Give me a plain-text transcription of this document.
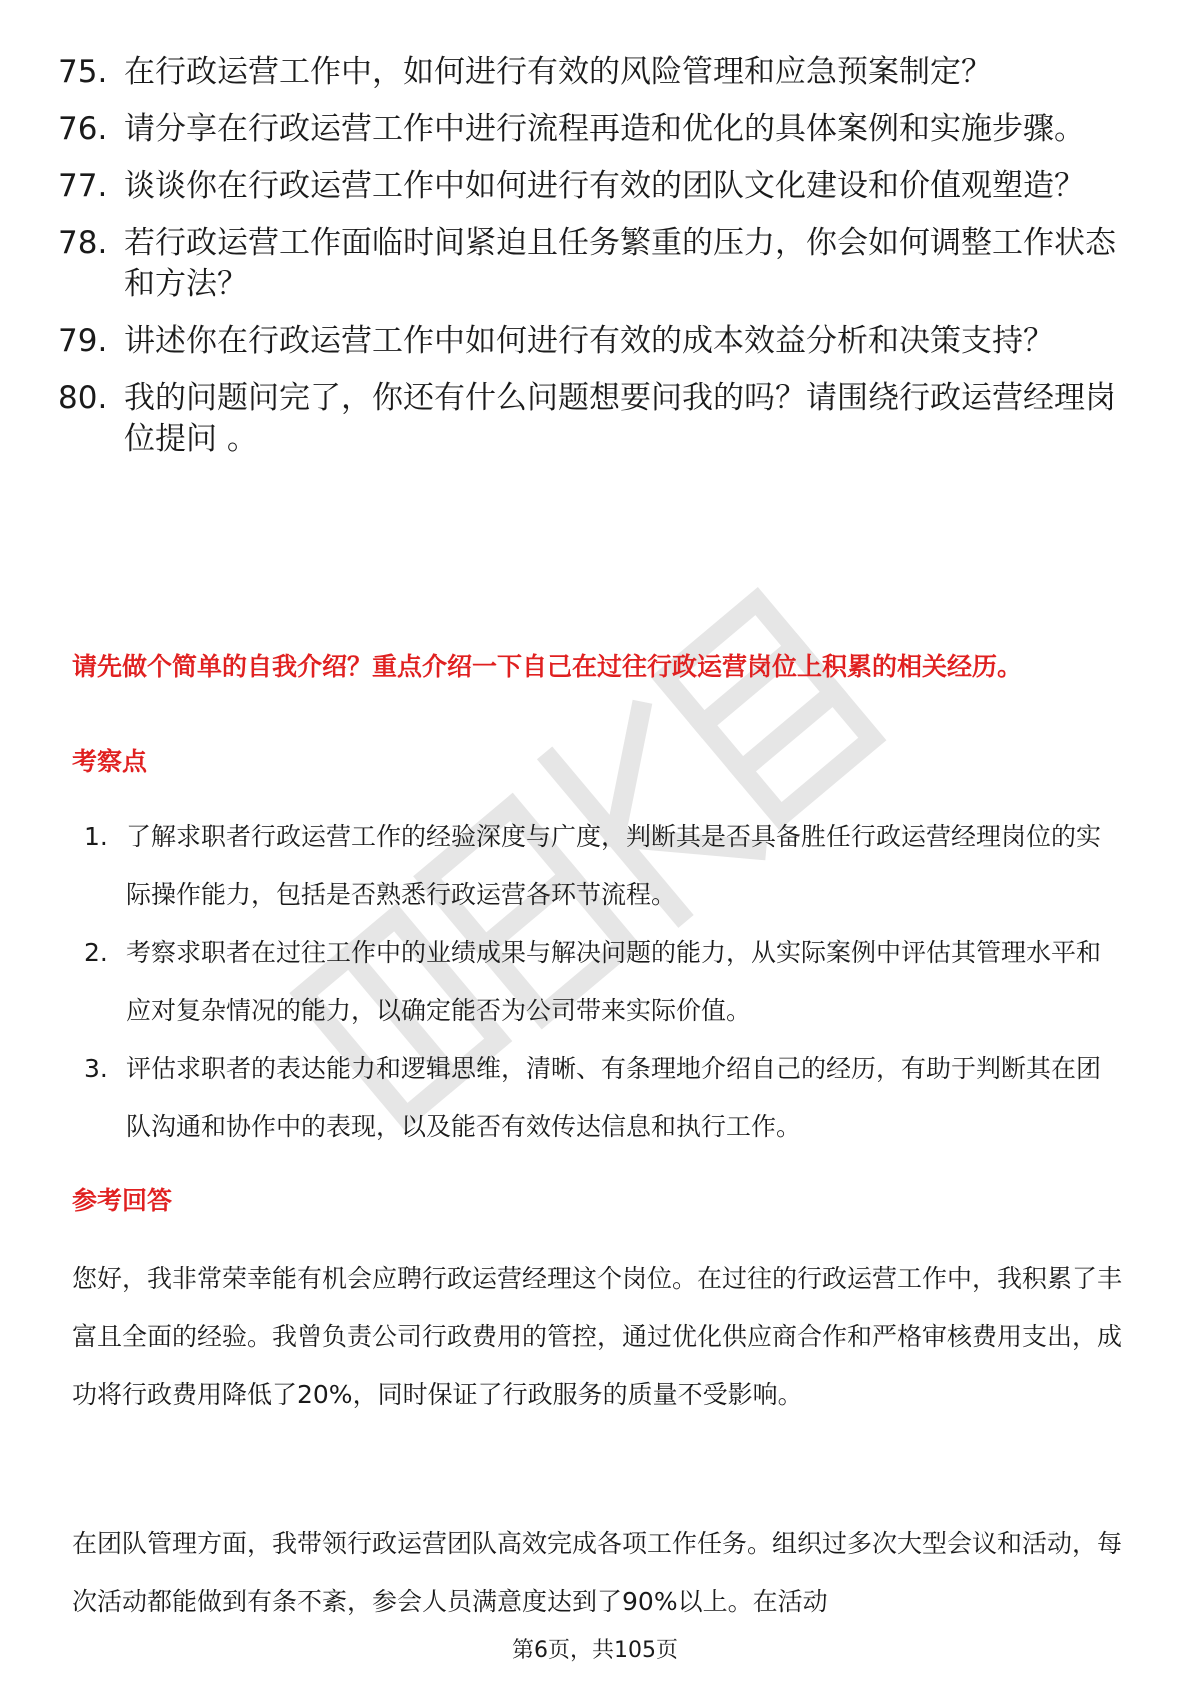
75. 在行政运营工作中，如何进行有效的风险管理和应急预案制定？
76. 请分享在行政运营工作中进行流程再造和优化的具体案例和实施步骤。
77. 谈谈你在行政运营工作中如何进行有效的团队文化建设和价值观塑造？
78. 若行政运营工作面临时间紧迫且任务繁重的压力，你会如何调整工作状态和方法？
79. 讲述你在行政运营工作中如何进行有效的成本效益分析和决策支持？
80. 我的问题问完了，你还有什么问题想要问我的吗？请围绕行政运营经理岗位提问 。
请先做个简单的自我介绍？重点介绍一下自己在过往行政运营岗位上积累的相关经历。
考察点
1. 了解求职者行政运营工作的经验深度与广度，判断其是否具备胜任行政运营经理岗位的实际操作能力，包括是否熟悉行政运营各环节流程。
2. 考察求职者在过往工作中的业绩成果与解决问题的能力，从实际案例中评估其管理水平和应对复杂情况的能力，以确定能否为公司带来实际价值。
3. 评估求职者的表达能力和逻辑思维，清晰、有条理地介绍自己的经历，有助于判断其在团队沟通和协作中的表现，以及能否有效传达信息和执行工作。
参考回答

您好，我非常荣幸能有机会应聘行政运营经理这个岗位。在过往的行政运营工作中，我积累了丰富且全面的经验。我曾负责公司行政费用的管控，通过优化供应商合作和严格审核费用支出，成功将行政费用降低了20%，同时保证了行政服务的质量不受影响。

在团队管理方面，我带领行政运营团队高效完成各项工作任务。组织过多次大型会议和活动，每次活动都能做到有条不紊，参会人员满意度达到了90%以上。在活动

第6页，共105页
